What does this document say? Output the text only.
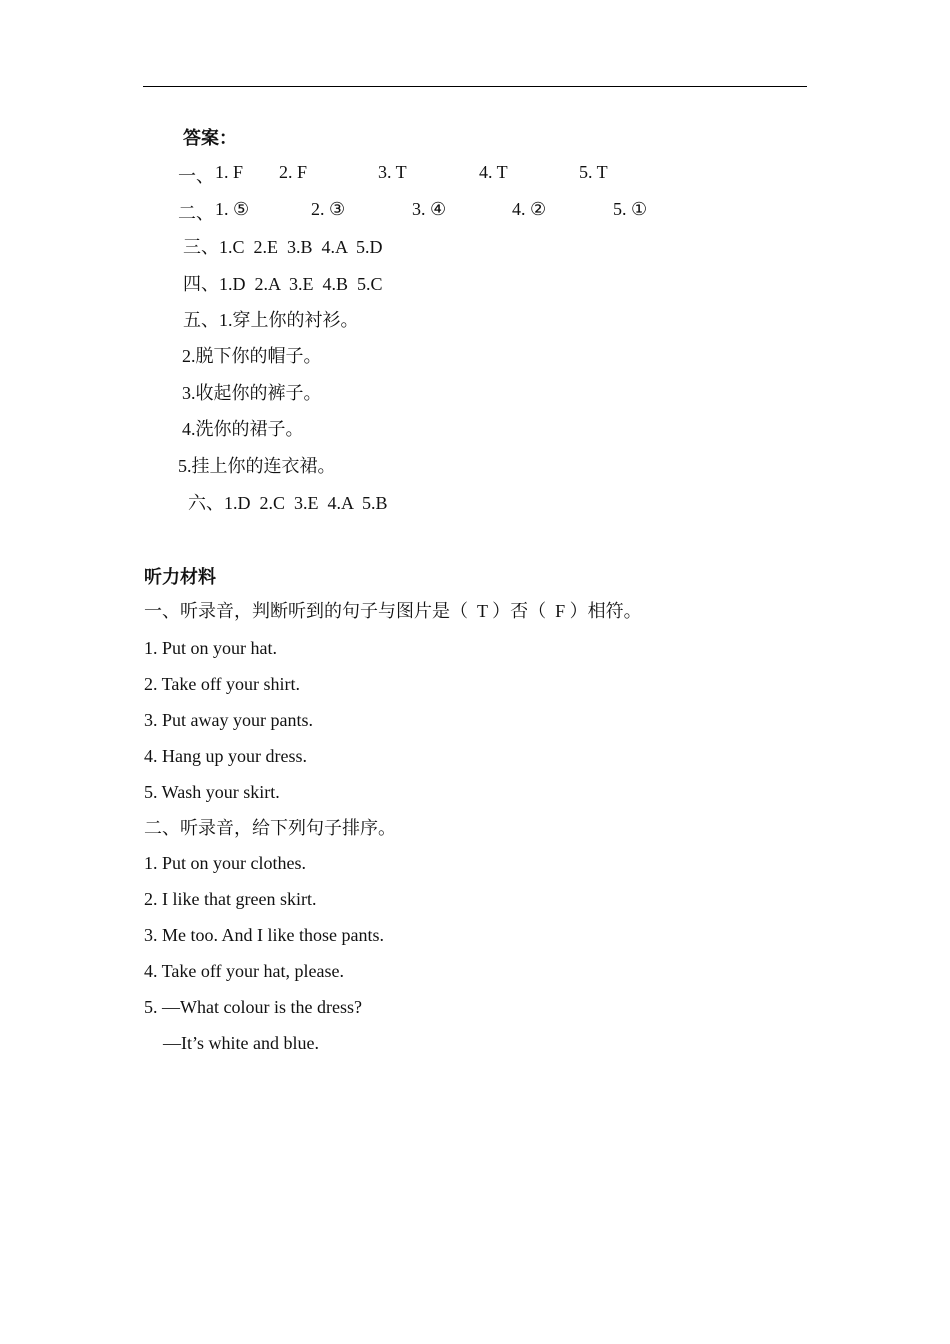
答案：
一、 1. F 2. F	3. T	4. T	5. T
二、 1. ⑤	2. ③	3. ④	4. ②	5. ①
三、1.C  2.E  3.B  4.A  5.D
四、1.D  2.A  3.E  4.B  5.C
五、1.穿上你的衬衫。
2.脱下你的帽子。
3.收起你的裤子。
4.洗你的裙子。
5.挂上你的连衣裙。
六、1.D  2.C  3.E  4.A  5.B
听力材料
一、听录音，判断听到的句子与图片是（  T ）否（  F ）相符。
1. Put on your hat.
2. Take off your shirt.
3. Put away your pants.
4. Hang up your dress.
5. Wash your skirt.
二、听录音，给下列句子排序。
1. Put on your clothes.
2. I like that green skirt.
3. Me too. And I like those pants.
4. Take off your hat, please.
5. —What colour is the dress?
—It’s white and blue.
